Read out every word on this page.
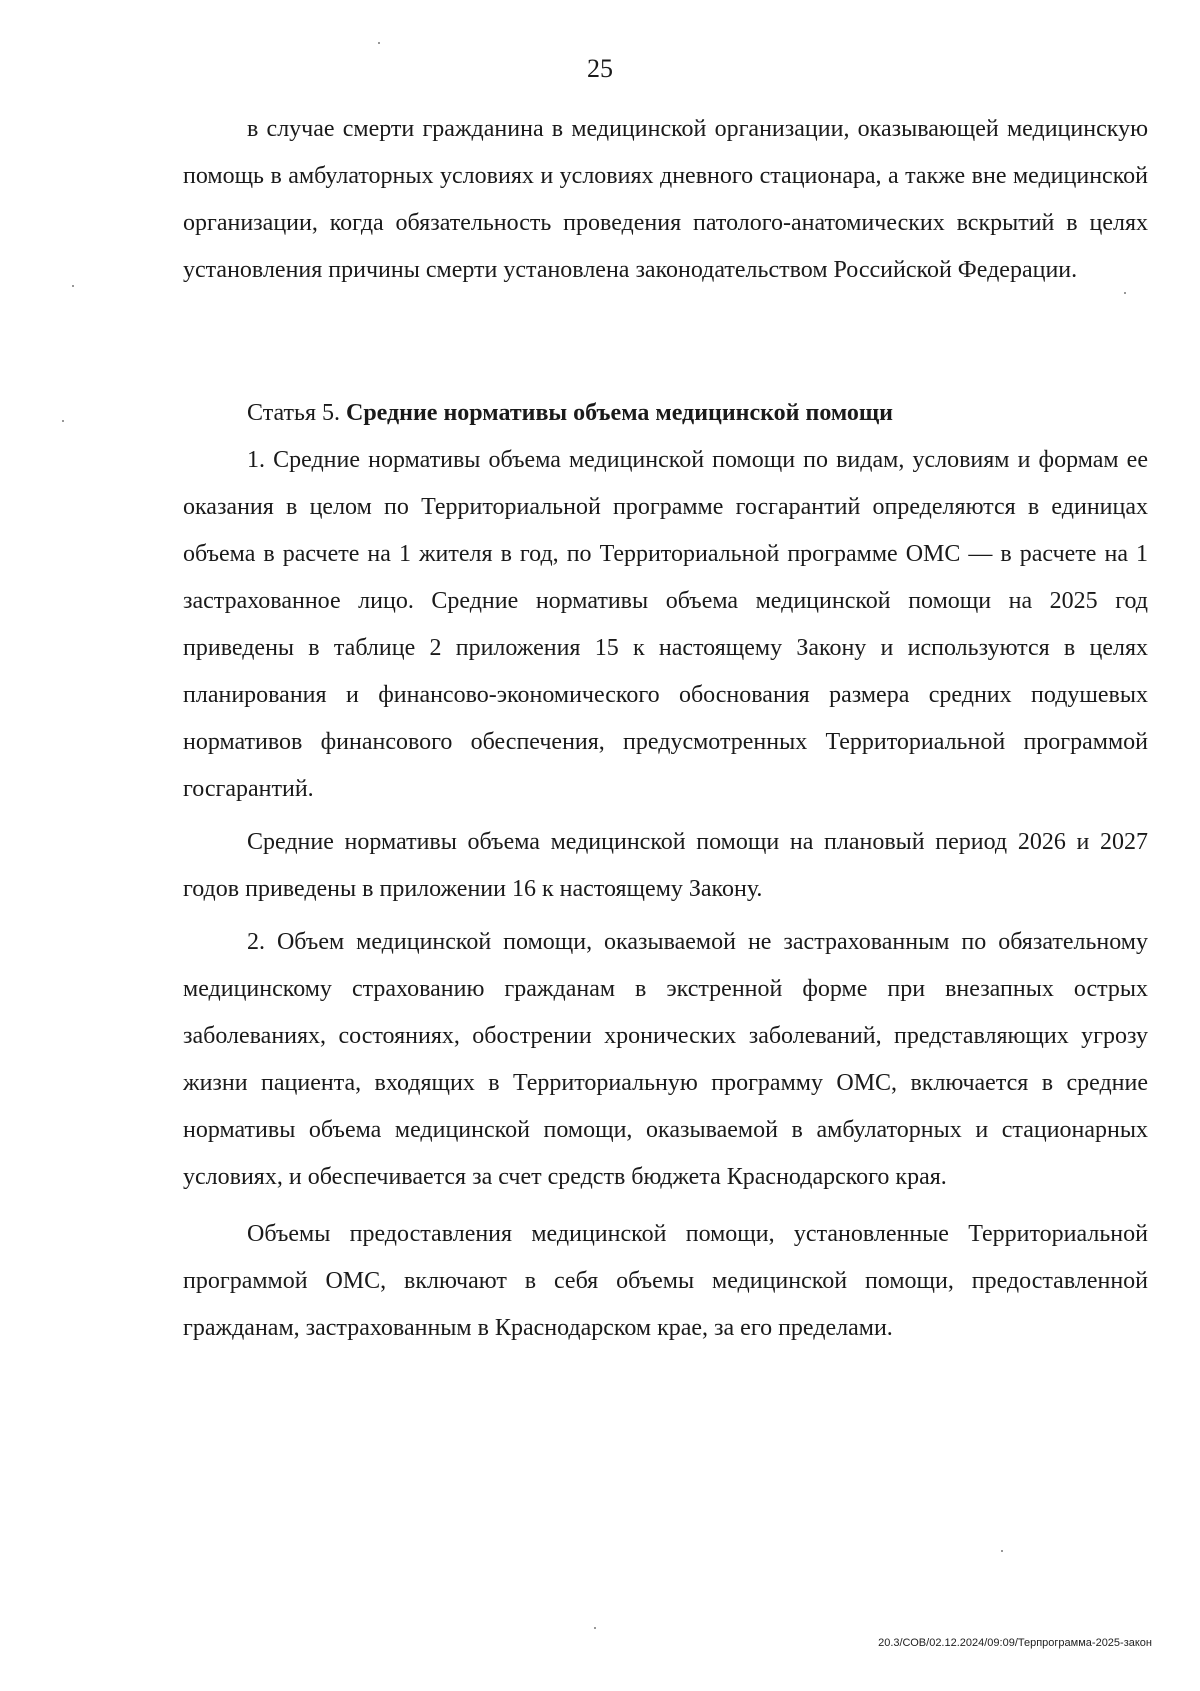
25

в случае смерти гражданина в медицинской организации, оказывающей медицинскую помощь в амбулаторных условиях и условиях дневного стационара, а также вне медицинской организации, когда обязательность проведения патолого-анатомических вскрытий в целях установления причины смерти установлена законодательством Российской Федерации.

Статья 5. Средние нормативы объема медицинской помощи

1. Средние нормативы объема медицинской помощи по видам, условиям и формам ее оказания в целом по Территориальной программе госгарантий определяются в единицах объема в расчете на 1 жителя в год, по Территориальной программе ОМС — в расчете на 1 застрахованное лицо. Средние нормативы объема медицинской помощи на 2025 год приведены в таблице 2 приложения 15 к настоящему Закону и используются в целях планирования и финансово-экономического обоснования размера средних подушевых нормативов финансового обеспечения, предусмотренных Территориальной программой госгарантий.

Средние нормативы объема медицинской помощи на плановый период 2026 и 2027 годов приведены в приложении 16 к настоящему Закону.

2. Объем медицинской помощи, оказываемой не застрахованным по обязательному медицинскому страхованию гражданам в экстренной форме при внезапных острых заболеваниях, состояниях, обострении хронических заболеваний, представляющих угрозу жизни пациента, входящих в Территориальную программу ОМС, включается в средние нормативы объема медицинской помощи, оказываемой в амбулаторных и стационарных условиях, и обеспечивается за счет средств бюджета Краснодарского края.

Объемы предоставления медицинской помощи, установленные Территориальной программой ОМС, включают в себя объемы медицинской помощи, предоставленной гражданам, застрахованным в Краснодарском крае, за его пределами.

20.3/СОВ/02.12.2024/09:09/Терпрограмма-2025-закон
